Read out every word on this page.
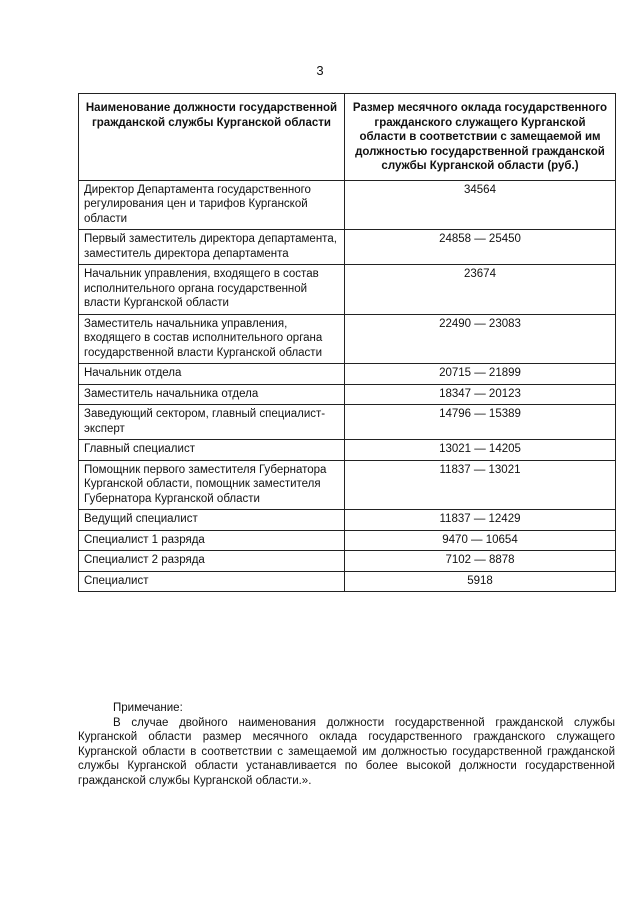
3
Наименование должности государственной гражданской службы Курганской области	Размер месячного оклада государственного гражданского служащего Курганской области в соответствии с замещаемой им должностью государственной гражданской службы Курганской области (руб.)
Директор Департамента государственного регулирования цен и тарифов Курганской области	34564
Первый заместитель директора департамента, заместитель директора департамента	24858 — 25450
Начальник управления, входящего в состав исполнительного органа государственной власти Курганской области	23674
Заместитель начальника управления, входящего в состав исполнительного органа государственной власти Курганской области	22490 — 23083
Начальник отдела	20715 — 21899
Заместитель начальника отдела	18347 — 20123
Заведующий сектором, главный специалист-эксперт	14796 — 15389
Главный специалист	13021 — 14205
Помощник первого заместителя Губернатора Курганской области, помощник заместителя Губернатора Курганской области	11837 — 13021
Ведущий специалист	11837 — 12429
Специалист 1 разряда	9470 — 10654
Специалист 2 разряда	7102 — 8878
Специалист	5918
Примечание:
В случае двойного наименования должности государственной гражданской службы Курганской области размер месячного оклада государственного гражданского служащего Курганской области в соответствии с замещаемой им должностью государственной гражданской службы Курганской области устанавливается по более высокой должности государственной гражданской службы Курганской области.».
